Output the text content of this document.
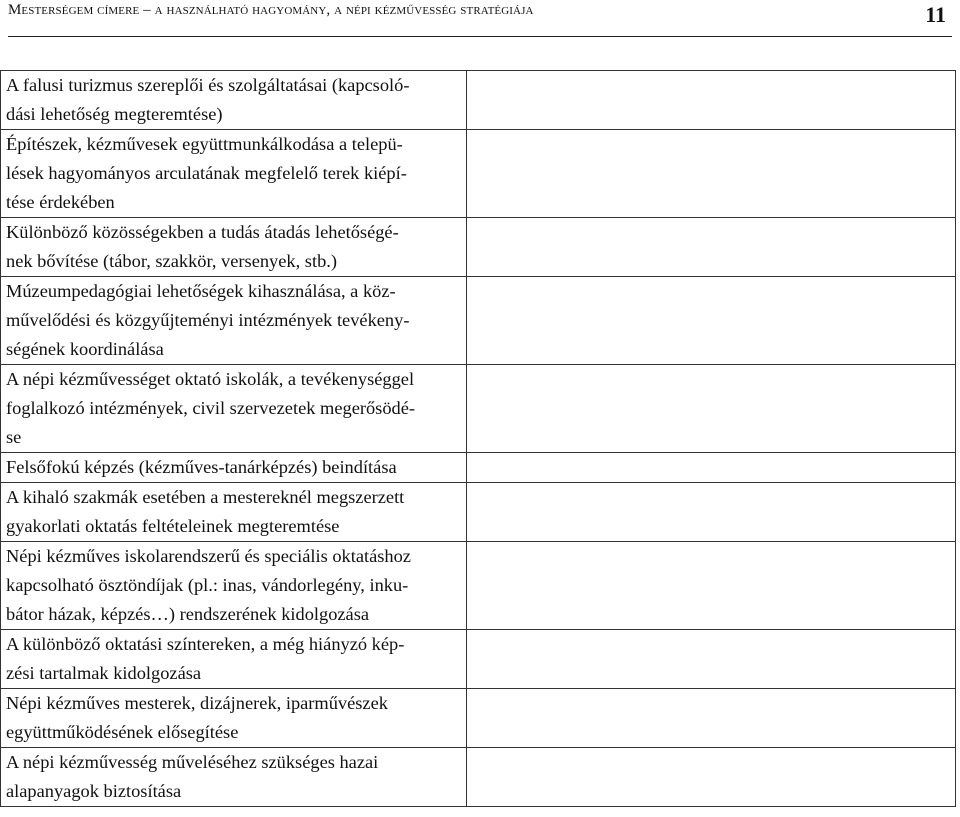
Mesterségem címere – a használható hagyomány, a népi kézművesség stratégiája	11
A falusi turizmus szereplői és szolgáltatásai (kapcsoló-
dási lehetőség megteremtése)	

Építészek, kézművesek együttmunkálkodása a telepü-
lések hagyományos arculatának megfelelő terek kiépí-
tése érdekében	

Különböző közösségekben a tudás átadás lehetőségé-
nek bővítése (tábor, szakkör, versenyek, stb.)	

Múzeumpedagógiai lehetőségek kihasználása, a köz-
művelődési és közgyűjteményi intézmények tevékeny-
ségének koordinálása	

A népi kézművességet oktató iskolák, a tevékenységgel
foglalkozó intézmények, civil szervezetek megerősödé-
se	

Felsőfokú képzés (kézműves-tanárképzés) beindítása	

A kihaló szakmák esetében a mestereknél megszerzett
gyakorlati oktatás feltételeinek megteremtése	

Népi kézműves iskolarendszerű és speciális oktatáshoz
kapcsolható ösztöndíjak (pl.: inas, vándorlegény, inku-
bátor házak, képzés…) rendszerének kidolgozása	

A különböző oktatási színtereken, a még hiányzó kép-
zési tartalmak kidolgozása	

Népi kézműves mesterek, dizájnerek, iparművészek
együttműködésének elősegítése	

A népi kézművesség műveléséhez szükséges hazai
alapanyagok biztosítása	
